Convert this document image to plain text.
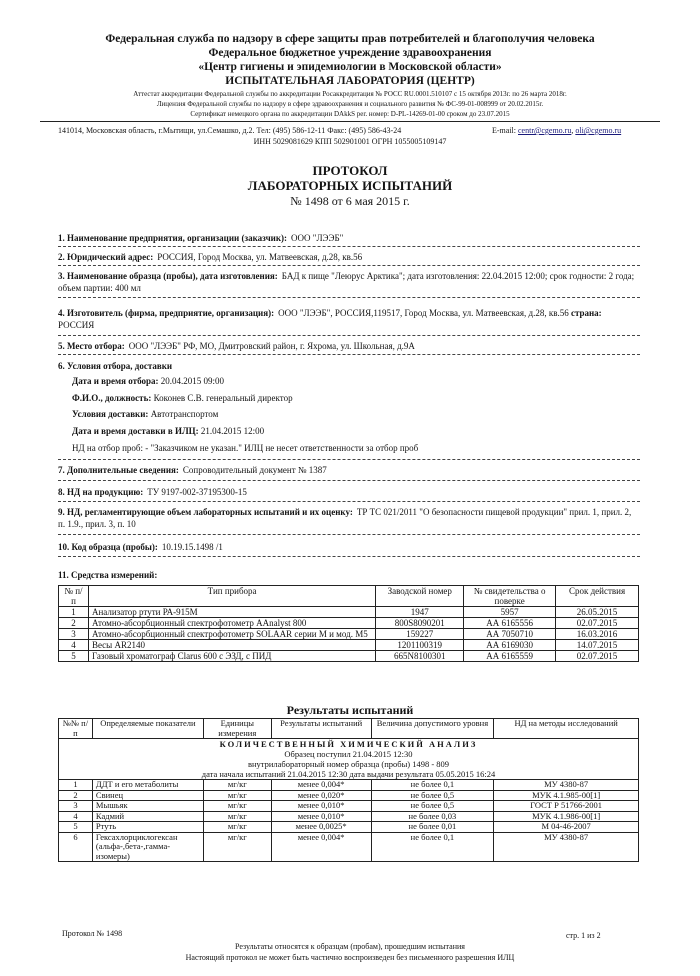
Федеральная служба по надзору в сфере защиты прав потребителей и благополучия человека
Федеральное бюджетное учреждение здравоохранения
«Центр гигиены и эпидемиологии в Московской области»
ИСПЫТАТЕЛЬНАЯ ЛАБОРАТОРИЯ (ЦЕНТР)
Аттестат аккредитации Федеральной службы по аккредитации Росаккредитация № РОСС RU.0001.510107 с 15 октября 2013г. по 26 марта 2018г.
Лицензия Федеральной службы по надзору в сфере здравоохранения и социального развития № ФС-99-01-008999 от 20.02.2015г.
Сертификат немецкого органа по аккредитации DAkkS рег. номер: D-PL-14269-01-00 сроком до 23.07.2015
141014, Московская область, г.Мытищи, ул.Семашко, д.2. Тел: (495) 586-12-11 Факс: (495) 586-43-24	E-mail: centr@cgemo.ru, oli@cgemo.ru
ИНН 5029081629 КПП 502901001 ОГРН 1055005109147
ПРОТОКОЛ
ЛАБОРАТОРНЫХ ИСПЫТАНИЙ
№ 1498 от 6 мая 2015 г.
1. Наименование предприятия, организации (заказчик): ООО "ЛЭЭБ"
2. Юридический адрес: РОССИЯ, Город Москва, ул. Матвеевская, д.28, кв.56
3. Наименование образца (пробы), дата изготовления: БАД к пище "Леюрус Арктика"; дата изготовления: 22.04.2015 12:00; срок годности: 2 года; объем партии: 400 мл
4. Изготовитель (фирма, предприятие, организация): ООО "ЛЭЭБ", РОССИЯ,119517, Город Москва, ул. Матвеевская, д.28, кв.56 страна: РОССИЯ
5. Место отбора: ООО "ЛЭЭБ" РФ, МО, Дмитровский район, г. Яхрома, ул. Школьная, д.9А
6. Условия отбора, доставки
Дата и время отбора: 20.04.2015 09:00
Ф.И.О., должность: Коконев С.В. генеральный директор
Условия доставки: Автотранспортом
Дата и время доставки в ИЛЦ: 21.04.2015 12:00
НД на отбор проб: - "Заказчиком не указан." ИЛЦ не несет ответственности за отбор проб
7. Дополнительные сведения: Сопроводительный документ № 1387
8. НД на продукцию: ТУ 9197-002-37195300-15
9. НД, регламентирующие объем лабораторных испытаний и их оценку: ТР ТС 021/2011 "О безопасности пищевой продукции" прил. 1, прил. 2, п. 1.9., прил. 3, п. 10
10. Код образца (пробы): 10.19.15.1498 /1
11. Средства измерений:
№ п/п	Тип прибора	Заводской номер	№ свидетельства о поверке	Срок действия
1	Анализатор ртути РА-915М	1947	5957	26.05.2015
2	Атомно-абсорбционный спектрофотометр AAnalyst 800	800S8090201	АА 6165556	02.07.2015
3	Атомно-абсорбционный спектрофотометр SOLAAR серии M и мод. M5	159227	АА 7050710	16.03.2016
4	Весы AR2140	1201100319	АА 6169030	14.07.2015
5	Газовый хроматограф Clarus 600 с ЭЗД, с ПИД	665N8100301	АА 6165559	02.07.2015
Результаты испытаний
№№ п/п	Определяемые показатели	Единицы измерения	Результаты испытаний	Величина допустимого уровня	НД на методы исследований

КОЛИЧЕСТВЕННЫЙ ХИМИЧЕСКИЙ АНАЛИЗ
Образец поступил 21.04.2015 12:30
внутрилабораторный номер образца (пробы) 1498 - 809
дата начала испытаний 21.04.2015 12:30 дата выдачи результата 05.05.2015 16:24					

1	ДДТ и его метаболиты	мг/кг	менее 0,004*	не более 0,1	МУ 4380-87
2	Свинец	мг/кг	менее 0,020*	не более 0,5	МУК 4.1.985-00[1]
3	Мышьяк	мг/кг	менее 0,010*	не более 0,5	ГОСТ Р 51766-2001
4	Кадмий	мг/кг	менее 0,010*	не более 0,03	МУК 4.1.986-00[1]
5	Ртуть	мг/кг	менее 0,0025*	не более 0,01	М 04-46-2007
6	Гексахлорциклогексан (альфа-,бета-,гамма-изомеры)	мг/кг	менее 0,004*	не более 0,1	МУ 4380-87
Протокол № 1498	стр. 1 из 2
Результаты относятся к образцам (пробам), прошедшим испытания
Настоящий протокол не может быть частично воспроизведен без письменного разрешения ИЛЦ
